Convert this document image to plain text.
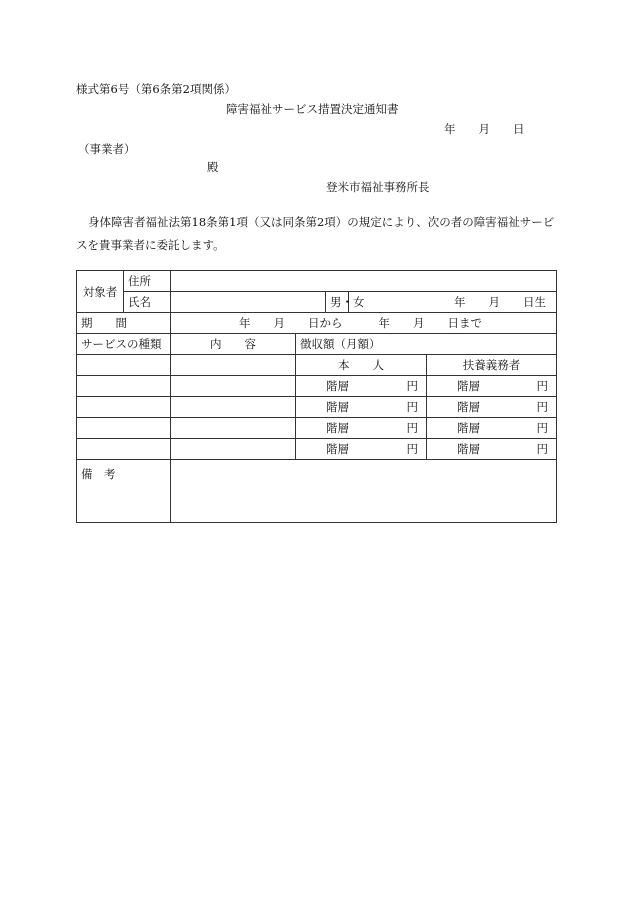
様式第6号（第6条第2項関係）
障害福祉サービス措置決定通知書
年　　月　　日
（事業者）
殿
登米市福祉事務所長
身体障害者福祉法第18条第1項（又は同条第2項）の規定により、次の者の障害福祉サービスを貴事業者に委託します。
対象者	住所					
	氏名			男・女	年　　月　　日生	
期　　間		年　　月　　日から 年　　月　　日まで				
サービスの種類		内　　容	徴収額（月額）			
			本　　人			扶養義務者

			階層 円			階層 円

			階層 円			階層 円

			階層 円			階層 円

			階層 円			階層 円

備　考						
